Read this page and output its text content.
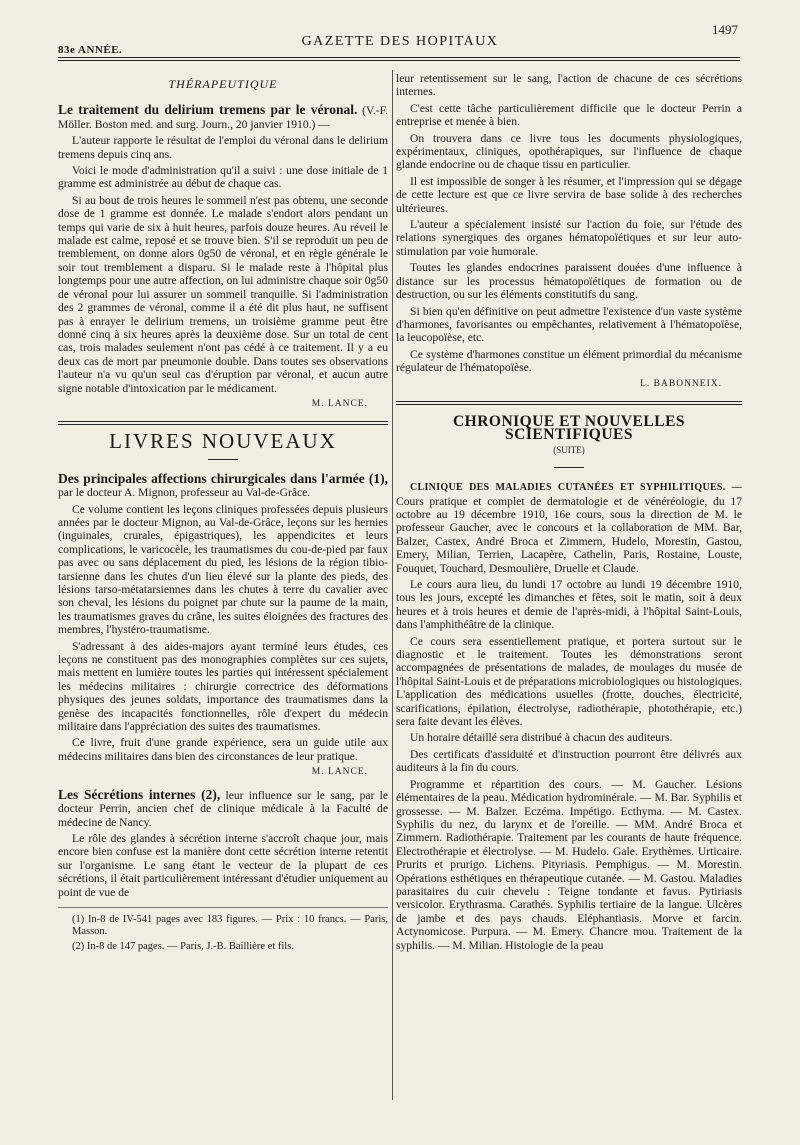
83e ANNÉE.
GAZETTE DES HOPITAUX
1497
THÉRAPEUTIQUE

Le traitement du delirium tremens par le véronal. (V.-F. Möller. Boston med. and surg. Journ., 20 janvier 1910.) —

L'auteur rapporte le résultat de l'emploi du véronal dans le delirium tremens depuis cinq ans.

Voici le mode d'administration qu'il a suivi : une dose initiale de 1 gramme est administrée au début de chaque cas.

Si au bout de trois heures le sommeil n'est pas obtenu, une seconde dose de 1 gramme est donnée. Le malade s'endort alors pendant un temps qui varie de six à huit heures, parfois douze heures. Au réveil le malade est calme, reposé et se trouve bien. S'il se reproduit un peu de tremblement, on donne alors 0g50 de véronal, et en règle générale le soir tout tremblement a disparu. Si le malade reste à l'hôpital plus longtemps pour une autre affection, on lui administre chaque soir 0g50 de véronal pour lui assurer un sommeil tranquille. Si l'administration des 2 grammes de véronal, comme il a été dit plus haut, ne suffisent pas à enrayer le delirium tremens, un troisième gramme peut être donné cinq à six heures après la deuxième dose. Sur un total de cent cas, trois malades seulement n'ont pas cédé à ce traitement. Il y a eu deux cas de mort par pneumonie double. Dans toutes ses observations l'auteur n'a vu qu'un seul cas d'éruption par véronal, et aucun autre signe notable d'intoxication par le médicament.

M. LANCE.
LIVRES NOUVEAUX

Des principales affections chirurgicales dans l'armée (1), par le docteur A. Mignon, professeur au Val-de-Grâce.

Ce volume contient les leçons cliniques professées depuis plusieurs années par le docteur Mignon, au Val-de-Grâce, leçons sur les hernies (inguinales, crurales, épigastriques), les appendicites et leurs complications, le varicocèle, les traumatismes du cou-de-pied par faux pas avec ou sans déplacement du pied, les lésions de la région tibio-tarsienne dans les chutes d'un lieu élevé sur la plante des pieds, des lésions tarso-métatarsiennes dans les chutes à terre du cavalier avec son cheval, les lésions du poignet par chute sur la paume de la main, les traumatismes graves du crâne, les suites éloignées des fractures des membres, l'hystéro-traumatisme.

S'adressant à des aides-majors ayant terminé leurs études, ces leçons ne constituent pas des monographies complètes sur ces sujets, mais mettent en lumière toutes les parties qui intéressent spécialement les médecins militaires : chirurgie correctrice des déformations physiques des jeunes soldats, importance des traumatismes dans la genèse des incapacités fonctionnelles, rôle d'expert du médecin militaire dans l'appréciation des suites des traumatismes.

Ce livre, fruit d'une grande expérience, sera un guide utile aux médecins militaires dans bien des circonstances de leur pratique.

M. LANCE.

Les Sécrétions internes (2), leur influence sur le sang, par le docteur Perrin, ancien chef de clinique médicale à la Faculté de médecine de Nancy.

Le rôle des glandes à sécrétion interne s'accroît chaque jour, mais encore bien confuse est la manière dont cette sécrétion interne retentit sur l'organisme. Le sang étant le vecteur de la plupart de ces sécrétions, il était particulièrement intéressant d'étudier uniquement au point de vue de

(1) In-8 de IV-541 pages avec 183 figures. — Prix : 10 francs. — Paris, Masson.

(2) In-8 de 147 pages. — Paris, J.-B. Baillière et fils.

leur retentissement sur le sang, l'action de chacune de ces sécrétions internes.

C'est cette tâche particulièrement difficile que le docteur Perrin a entreprise et menée à bien.

On trouvera dans ce livre tous les documents physiologiques, expérimentaux, cliniques, opothérapiques, sur l'influence de chaque glande endocrine ou de chaque tissu en particulier.

Il est impossible de songer à les résumer, et l'impression qui se dégage de cette lecture est que ce livre servira de base solide à des recherches ultérieures.

L'auteur a spécialement insisté sur l'action du foie, sur l'étude des relations synergiques des organes hématopoïétiques et sur leur auto-stimulation par voie humorale.

Toutes les glandes endocrines paraissent douées d'une influence à distance sur les processus hématopoïétiques de formation ou de destruction, ou sur les éléments constitutifs du sang.

Si bien qu'en définitive on peut admettre l'existence d'un vaste système d'harmones, favorisantes ou empêchantes, relativement à l'hématopoïèse, la leucopoïèse, etc.

Ce système d'harmones constitue un élément primordial du mécanisme régulateur de l'hématopoïèse.

L. BABONNEIX.
CHRONIQUE ET NOUVELLES SCIENTIFIQUES
(SUITE)

CLINIQUE DES MALADIES CUTANÉES ET SYPHILITIQUES. — Cours pratique et complet de dermatologie et de vénéréologie, du 17 octobre au 19 décembre 1910, 16e cours, sous la direction de M. le professeur Gaucher, avec le concours et la collaboration de MM. Bar, Balzer, Castex, André Broca et Zimmern, Hudelo, Morestin, Gastou, Emery, Milian, Terrien, Lacapère, Cathelin, Paris, Rostaine, Louste, Fouquet, Touchard, Desmoulière, Druelle et Claude.

Le cours aura lieu, du lundi 17 octobre au lundi 19 décembre 1910, tous les jours, excepté les dimanches et fêtes, soit le matin, soit à deux heures et à trois heures et demie de l'après-midi, à l'hôpital Saint-Louis, dans l'amphithéâtre de la clinique.

Ce cours sera essentiellement pratique, et portera surtout sur le diagnostic et le traitement. Toutes les démonstrations seront accompagnées de présentations de malades, de moulages du musée de l'hôpital Saint-Louis et de préparations microbiologiques ou histologiques. L'application des médications usuelles (frotte, douches, électricité, scarifications, épilation, électrolyse, radiothérapie, photothérapie, etc.) sera faite devant les élèves.

Un horaire détaillé sera distribué à chacun des auditeurs.

Des certificats d'assiduité et d'instruction pourront être délivrés aux auditeurs à la fin du cours.

Programme et répartition des cours. — M. Gaucher. Lésions élémentaires de la peau. Médication hydrominérale. — M. Bar. Syphilis et grossesse. — M. Balzer. Eczéma. Impétigo. Ecthyma. — M. Castex. Syphilis du nez, du larynx et de l'oreille. — MM. André Broca et Zimmern. Radiothérapie. Traitement par les courants de haute fréquence. Electrothérapie et électrolyse. — M. Hudelo. Gale. Erythèmes. Urticaire. Prurits et prurigo. Lichens. Pityriasis. Pemphigus. — M. Morestin. Opérations esthétiques en thérapeutique cutanée. — M. Gastou. Maladies parasitaires du cuir chevelu : Teigne tondante et favus. Pytiriasis versicolor. Erythrasma. Carathés. Syphilis tertiaire de la langue. Ulcères de jambe et des pays chauds. Eléphantiasis. Morve et farcin. Actynomicose. Purpura. — M. Emery. Chancre mou. Traitement de la syphilis. — M. Milian. Histologie de la peau
